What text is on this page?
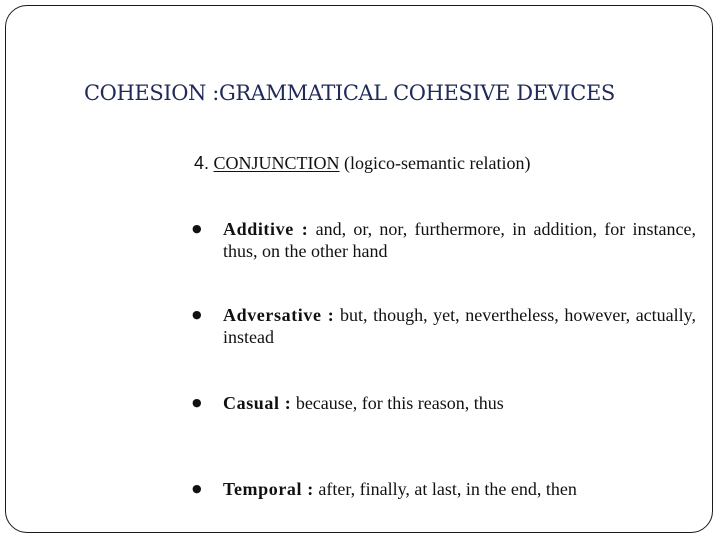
COHESION :GRAMMATICAL COHESIVE DEVICES
4. CONJUNCTION (logico-semantic relation)
● Additive : and, or, nor, furthermore, in addition, for instance, thus, on the other hand
● Adversative : but, though, yet, nevertheless, however, actually, instead
● Casual : because, for this reason, thus
● Temporal : after, finally, at last, in the end, then
